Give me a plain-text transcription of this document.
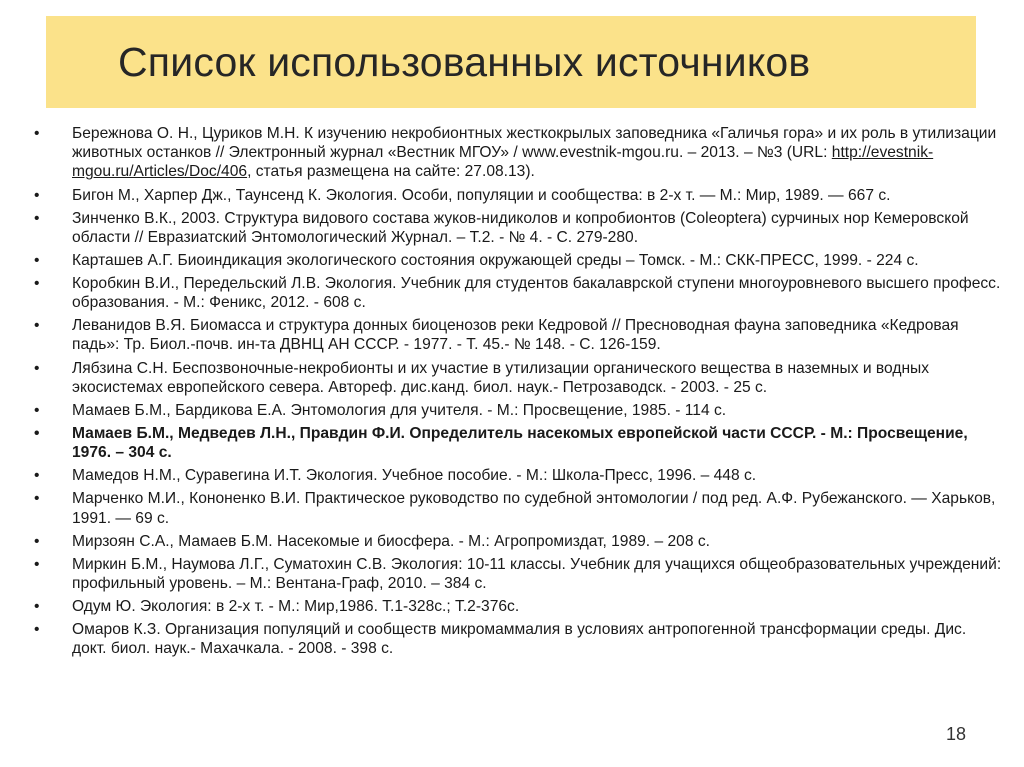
Список использованных источников
• Бережнова О. Н., Цуриков М.Н. К изучению некробионтных жесткокрылых заповедника «Галичья гора» и их роль в утилизации животных останков // Электронный журнал «Вестник МГОУ» / www.evestnik-mgou.ru. – 2013. – №3 (URL: http://evestnik-mgou.ru/Articles/Doc/406, статья размещена на сайте: 27.08.13).
• Бигон М., Харпер Дж., Таунсенд К. Экология. Особи, популяции и сообщества: в 2-х т. — М.: Мир, 1989. — 667 с.
• Зинченко В.К., 2003. Структура видового состава жуков-нидиколов и копробионтов (Coleoptera) сурчиных нор Кемеровской области // Евразиатский Энтомологический Журнал. – Т.2. - № 4. - С. 279-280.
• Карташев А.Г. Биоиндикация экологического состояния окружающей среды – Томск. - М.: СКК-ПРЕСС, 1999. - 224 с.
• Коробкин В.И., Передельский Л.В. Экология. Учебник для студентов бакалаврской ступени многоуровневого высшего професс. образования. - М.: Феникс, 2012. - 608 с.
• Леванидов В.Я. Биомасса и структура донных биоценозов реки Кедровой // Пресноводная фауна заповедника «Кедровая падь»: Тр. Биол.-почв. ин-та ДВНЦ АН СССР. - 1977. - Т. 45.- № 148. - С. 126-159.
• Лябзина С.Н. Беспозвоночные-некробионты и их участие в утилизации органического вещества в наземных и водных экосистемах европейского севера. Автореф. дис.канд. биол. наук.- Петрозаводск. - 2003. - 25 с.
• Мамаев Б.М., Бардикова Е.А. Энтомология для учителя. - М.: Просвещение, 1985. - 114 с.
• Мамаев Б.М., Медведев Л.Н., Правдин Ф.И. Определитель насекомых европейской части СССР. - М.: Просвещение, 1976. – 304 с.
• Мамедов Н.М., Суравегина И.Т. Экология. Учебное пособие. - М.: Школа-Пресс, 1996. – 448 с.
• Марченко М.И., Кононенко В.И. Практическое руководство по судебной энтомологии / под ред. А.Ф. Рубежанского. — Харьков, 1991. — 69 с.
• Мирзоян С.А., Мамаев Б.М. Насекомые и биосфера. - М.: Агропромиздат, 1989. – 208 с.
• Миркин Б.М., Наумова Л.Г., Суматохин С.В. Экология: 10-11 классы. Учебник для учащихся общеобразовательных учреждений: профильный уровень. – М.: Вентана-Граф, 2010. – 384 с.
• Одум Ю. Экология: в 2-х т. - М.: Мир,1986. Т.1-328с.; Т.2-376с.
• Омаров К.З. Организация популяций и сообществ микромаммалия в условиях антропогенной трансформации среды. Дис. докт. биол. наук.- Махачкала. - 2008. - 398 с.
18
